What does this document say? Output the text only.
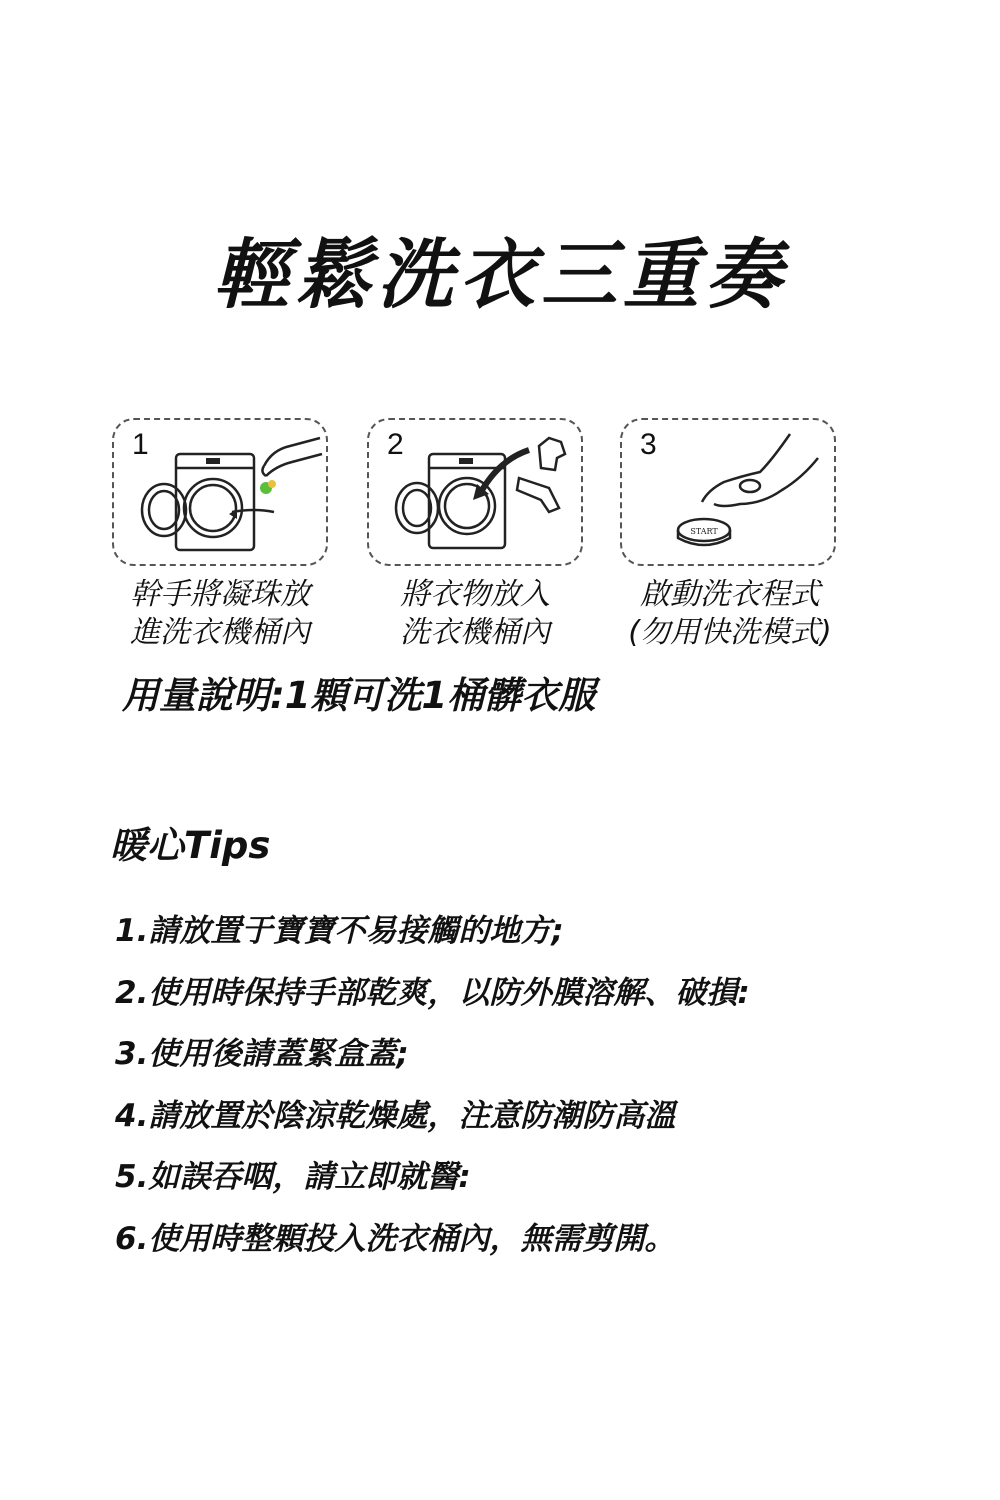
輕鬆洗衣三重奏
1
幹手將凝珠放
進洗衣機桶內
2
將衣物放入
洗衣機桶內
3
START
啟動洗衣程式
(勿用快洗模式)
用量說明:1顆可洗1桶髒衣服
暖心Tips
1.請放置于寶寶不易接觸的地方;
2.使用時保持手部乾爽，以防外膜溶解、破損:
3.使用後請蓋緊盒蓋;
4.請放置於陰涼乾燥處，注意防潮防高溫
5.如誤吞咽，請立即就醫:
6.使用時整顆投入洗衣桶內，無需剪開。
